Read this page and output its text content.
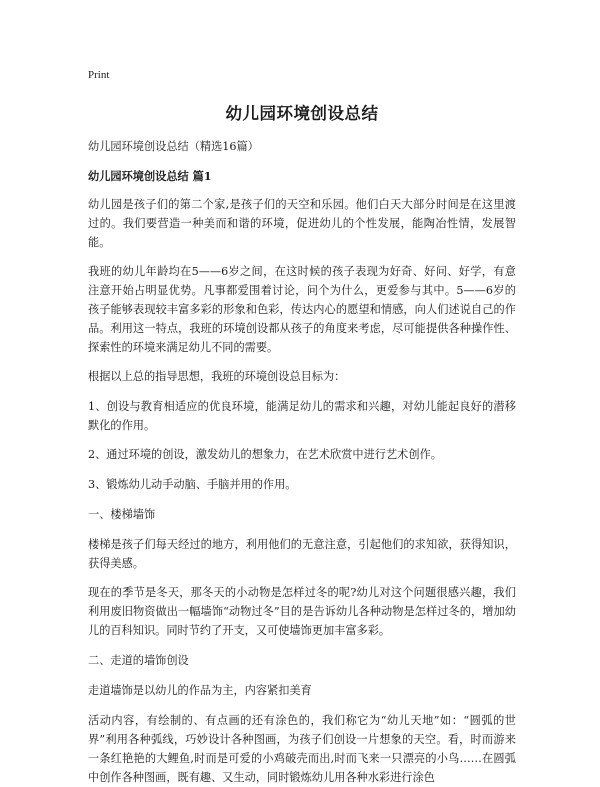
Print
幼儿园环境创设总结

幼儿园环境创设总结（精选16篇）

幼儿园环境创设总结 篇1

幼儿园是孩子们的第二个家,是孩子们的天空和乐园。他们白天大部分时间是在这里渡过的。我们要营造一种美而和谐的环境，促进幼儿的个性发展，能陶冶性情，发展智能。

我班的幼儿年龄均在5——6岁之间，在这时候的孩子表现为好奇、好问、好学，有意注意开始占明显优势。凡事都爱围着讨论，问个为什么，更爱参与其中。5——6岁的孩子能够表现较丰富多彩的形象和色彩，传达内心的愿望和情感，向人们述说自己的作品。利用这一特点，我班的环境创设都从孩子的角度来考虑，尽可能提供各种操作性、探索性的环境来满足幼儿不同的需要。

根据以上总的指导思想，我班的环境创设总目标为：

1、创设与教育相适应的优良环境，能满足幼儿的需求和兴趣，对幼儿能起良好的潜移默化的作用。

2、通过环境的创设，激发幼儿的想象力，在艺术欣赏中进行艺术创作。

3、锻炼幼儿动手动脑、手脑并用的作用。

一、楼梯墙饰

楼梯是孩子们每天经过的地方，利用他们的无意注意，引起他们的求知欲，获得知识，获得美感。

现在的季节是冬天，那冬天的小动物是怎样过冬的呢?幼儿对这个问题很感兴趣，我们利用废旧物资做出一幅墙饰“动物过冬”目的是告诉幼儿各种动物是怎样过冬的，增加幼儿的百科知识。同时节约了开支，又可使墙饰更加丰富多彩。

二、走道的墙饰创设

走道墙饰是以幼儿的作品为主，内容紧扣美育

活动内容，有绘制的、有点画的还有涂色的，我们称它为“幼儿天地”如：“圆弧的世界”利用各种弧线，巧妙设计各种图画，为孩子们创设一片想象的天空。看，时而游来一条红艳艳的大鲤鱼,时而是可爱的小鸡破壳而出,时而飞来一只漂亮的小鸟……在圆弧中创作各种图画，既有趣、又生动，同时锻炼幼儿用各种水彩进行涂色
